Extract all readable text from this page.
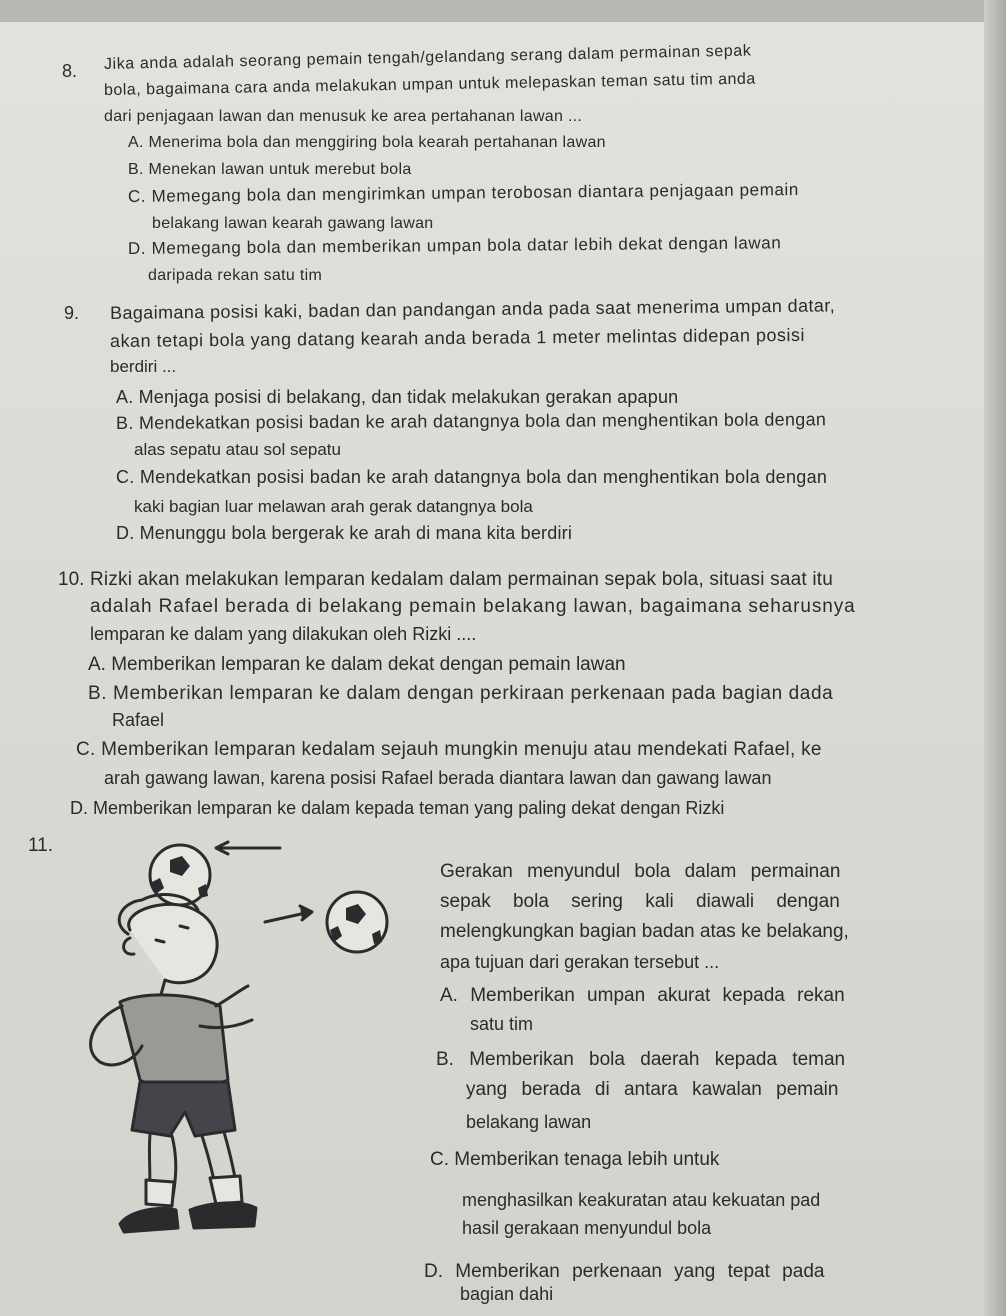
8. Jika anda adalah seorang pemain tengah/gelandang serang dalam permainan sepak
bola, bagaimana cara anda melakukan umpan untuk melepaskan teman satu tim anda
dari penjagaan lawan dan menusuk ke area pertahanan lawan ...
A. Menerima bola dan menggiring bola kearah pertahanan lawan
B. Menekan lawan untuk merebut bola
C. Memegang bola dan mengirimkan umpan terobosan diantara penjagaan pemain
belakang lawan kearah gawang lawan
D. Memegang bola dan memberikan umpan bola datar lebih dekat dengan lawan
daripada rekan satu tim
9. Bagaimana posisi kaki, badan dan pandangan anda pada saat menerima umpan datar,
akan tetapi bola yang datang kearah anda berada 1 meter melintas didepan posisi
berdiri ...
A. Menjaga posisi di belakang, dan tidak melakukan gerakan apapun
B. Mendekatkan posisi badan ke arah datangnya bola dan menghentikan bola dengan
alas sepatu atau sol sepatu
C. Mendekatkan posisi badan ke arah datangnya bola dan menghentikan bola dengan
kaki bagian luar melawan arah gerak datangnya bola
D. Menunggu bola bergerak ke arah di mana kita berdiri
10. Rizki akan melakukan lemparan kedalam dalam permainan sepak bola, situasi saat itu
adalah Rafael berada di belakang pemain belakang lawan, bagaimana seharusnya
lemparan ke dalam yang dilakukan oleh Rizki ....
A. Memberikan lemparan ke dalam dekat dengan pemain lawan
B. Memberikan lemparan ke dalam dengan perkiraan perkenaan pada bagian dada
Rafael
C. Memberikan lemparan kedalam sejauh mungkin menuju atau mendekati Rafael, ke
arah gawang lawan, karena posisi Rafael berada diantara lawan dan gawang lawan
D. Memberikan lemparan ke dalam kepada teman yang paling dekat dengan Rizki
11.
Gerakan menyundul bola dalam permainan
sepak bola sering kali diawali dengan
melengkungkan bagian badan atas ke belakang,
apa tujuan dari gerakan tersebut ...
A. Memberikan umpan akurat kepada rekan
satu tim
B. Memberikan bola daerah kepada teman
yang berada di antara kawalan pemain
belakang lawan
C. Memberikan tenaga lebih untuk
menghasilkan keakuratan atau kekuatan pad
hasil gerakaan menyundul bola
D. Memberikan perkenaan yang tepat pada
bagian dahi
